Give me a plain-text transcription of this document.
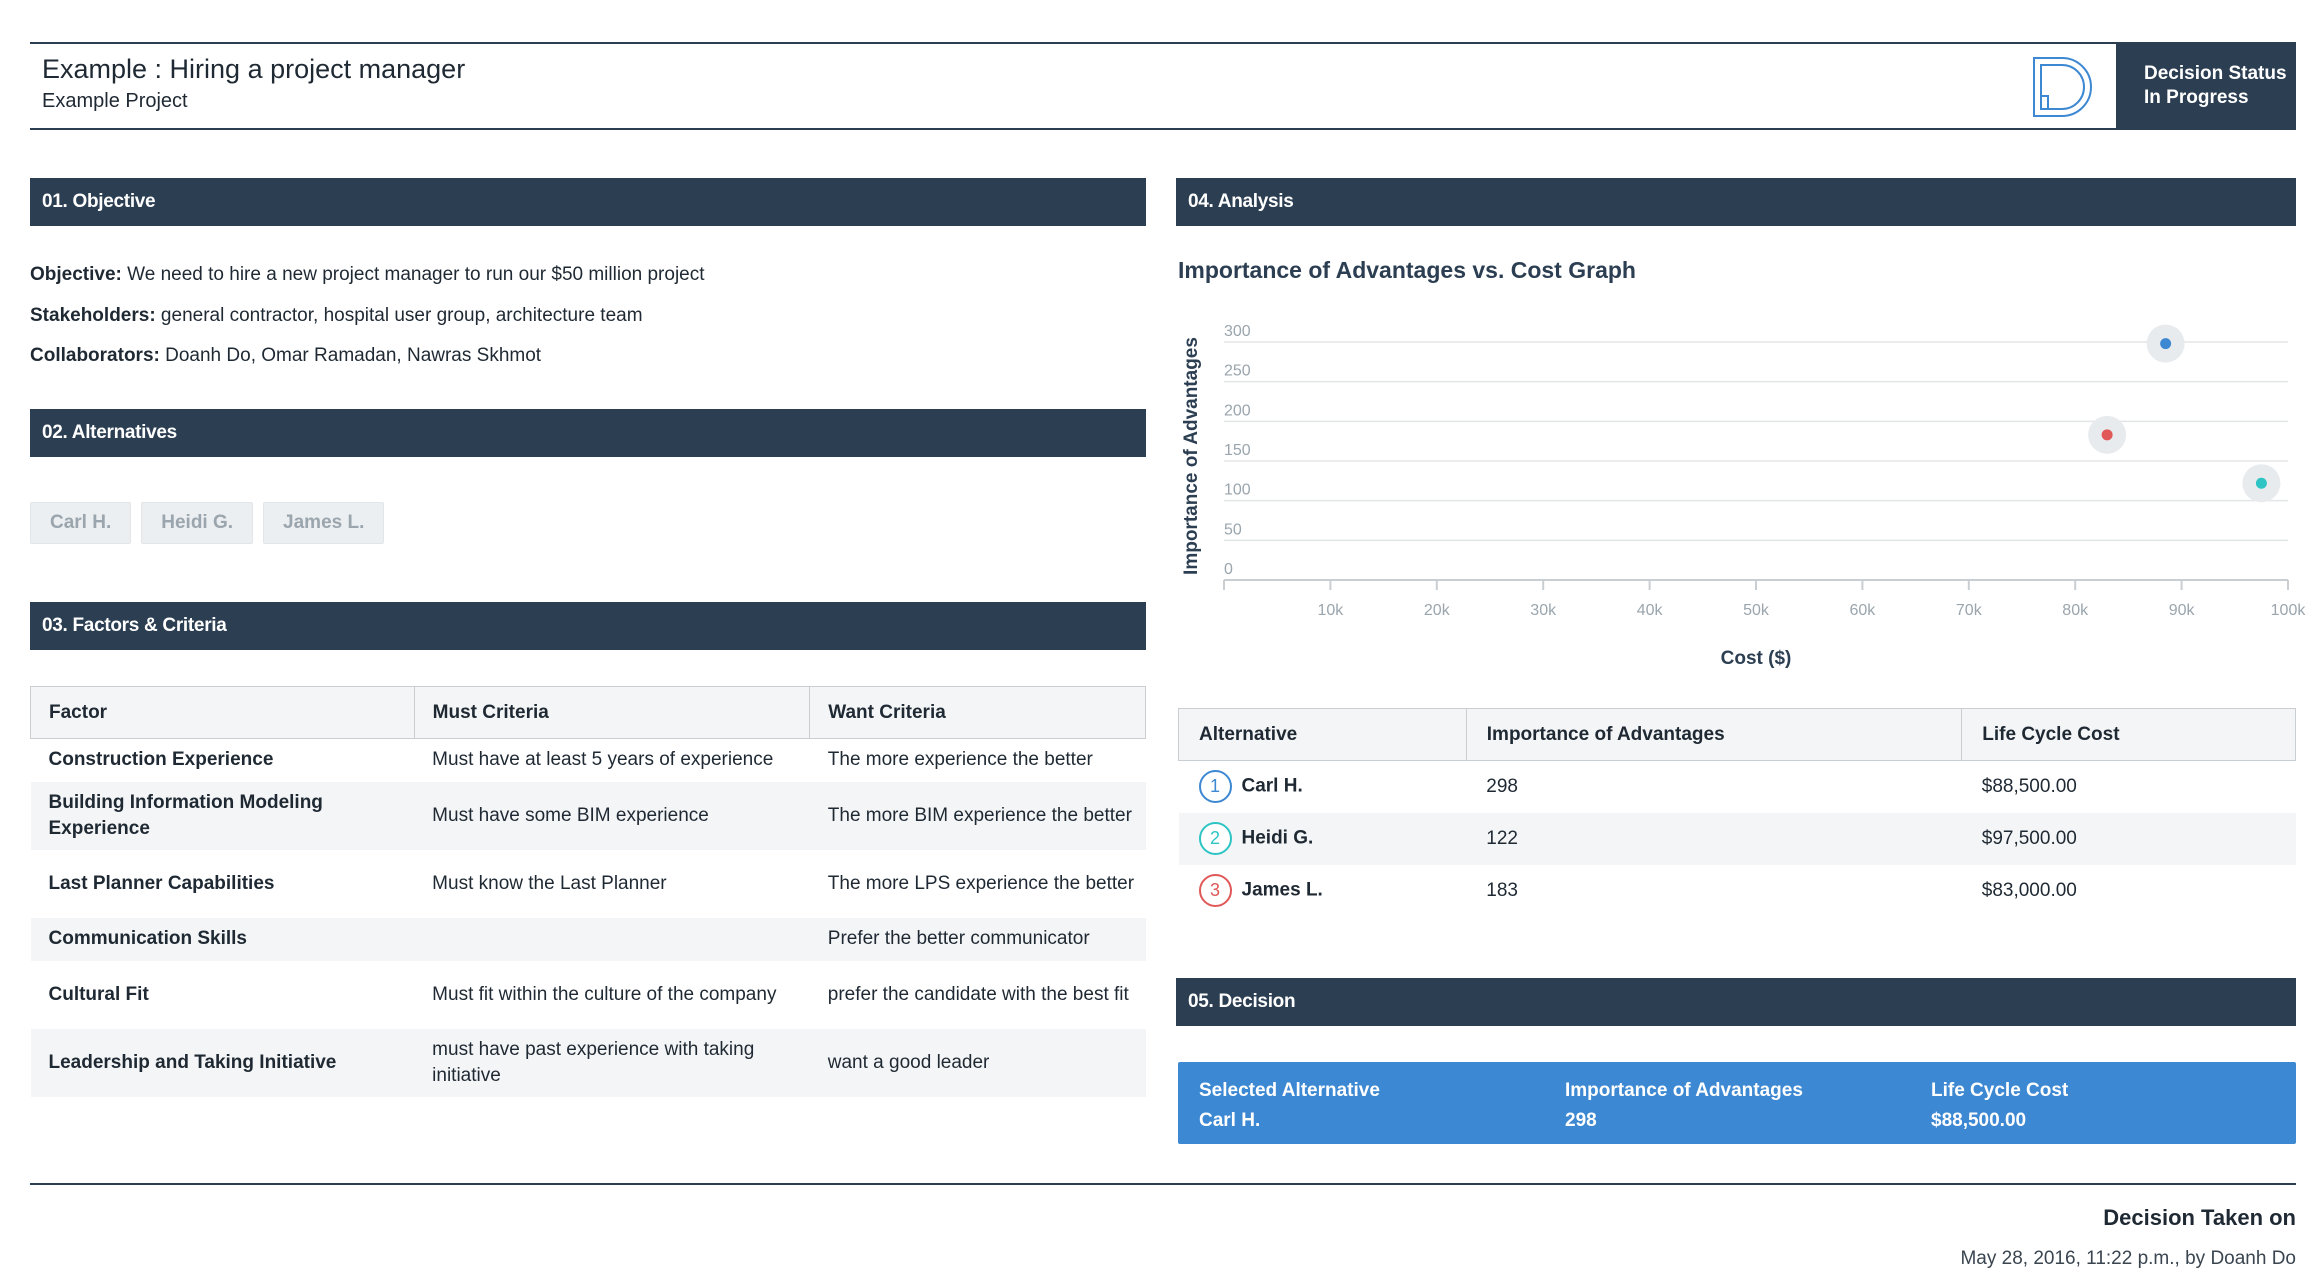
Example : Hiring a project manager
Example Project
Decision Status
In Progress
01. Objective
Objective: We need to hire a new project manager to run our $50 million project
Stakeholders: general contractor, hospital user group, architecture team
Collaborators: Doanh Do, Omar Ramadan, Nawras Skhmot
02. Alternatives
Carl H.	Heidi G.	James L.
03. Factors & Criteria
Factor	Must Criteria	Want Criteria
Construction Experience	Must have at least 5 years of experience	The more experience the better
Building Information Modeling Experience	Must have some BIM experience	The more BIM experience the better
Last Planner Capabilities	Must know the Last Planner	The more LPS experience the better
Communication Skills		Prefer the better communicator
Cultural Fit	Must fit within the culture of the company	prefer the candidate with the best fit
Leadership and Taking Initiative	must have past experience with taking initiative	want a good leader
04. Analysis
Importance of Advantages vs. Cost Graph
0
50
100
150
200
250
300
10k	20k	30k	40k	50k	60k	70k	80k	90k	100k
Cost ($)
Importance of Advantages
Alternative	Importance of Advantages	Life Cycle Cost
1 Carl H.	298	$88,500.00
2 Heidi G.	122	$97,500.00
3 James L.	183	$83,000.00
05. Decision
Selected Alternative
Carl H.
Importance of Advantages
298
Life Cycle Cost
$88,500.00
Decision Taken on
May 28, 2016, 11:22 p.m., by Doanh Do
